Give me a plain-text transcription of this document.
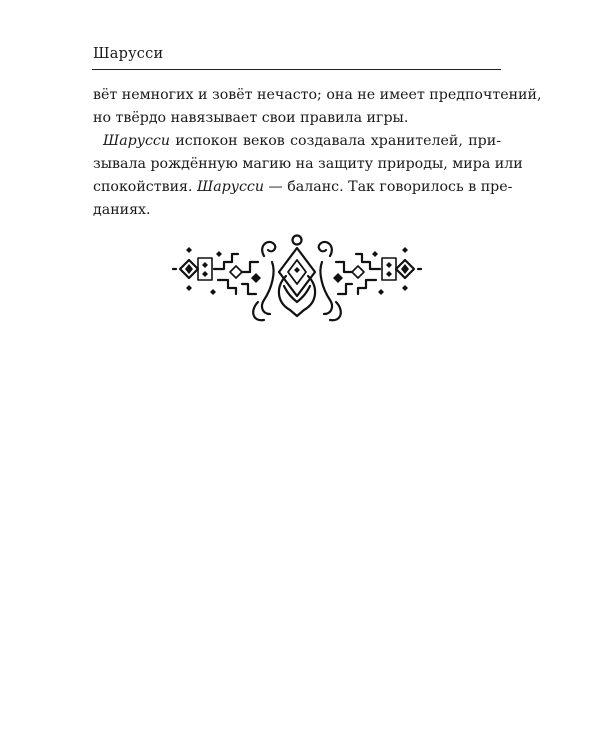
Шарусси
вёт немногих и зовёт нечасто; она не имеет предпочтений,
но твёрдо навязывает свои правила игры.
Шарусси испокон веков создавала хранителей, при-
зывала рождённую магию на защиту природы, мира или
спокойствия. Шарусси — баланс. Так говорилось в пре-
даниях.
